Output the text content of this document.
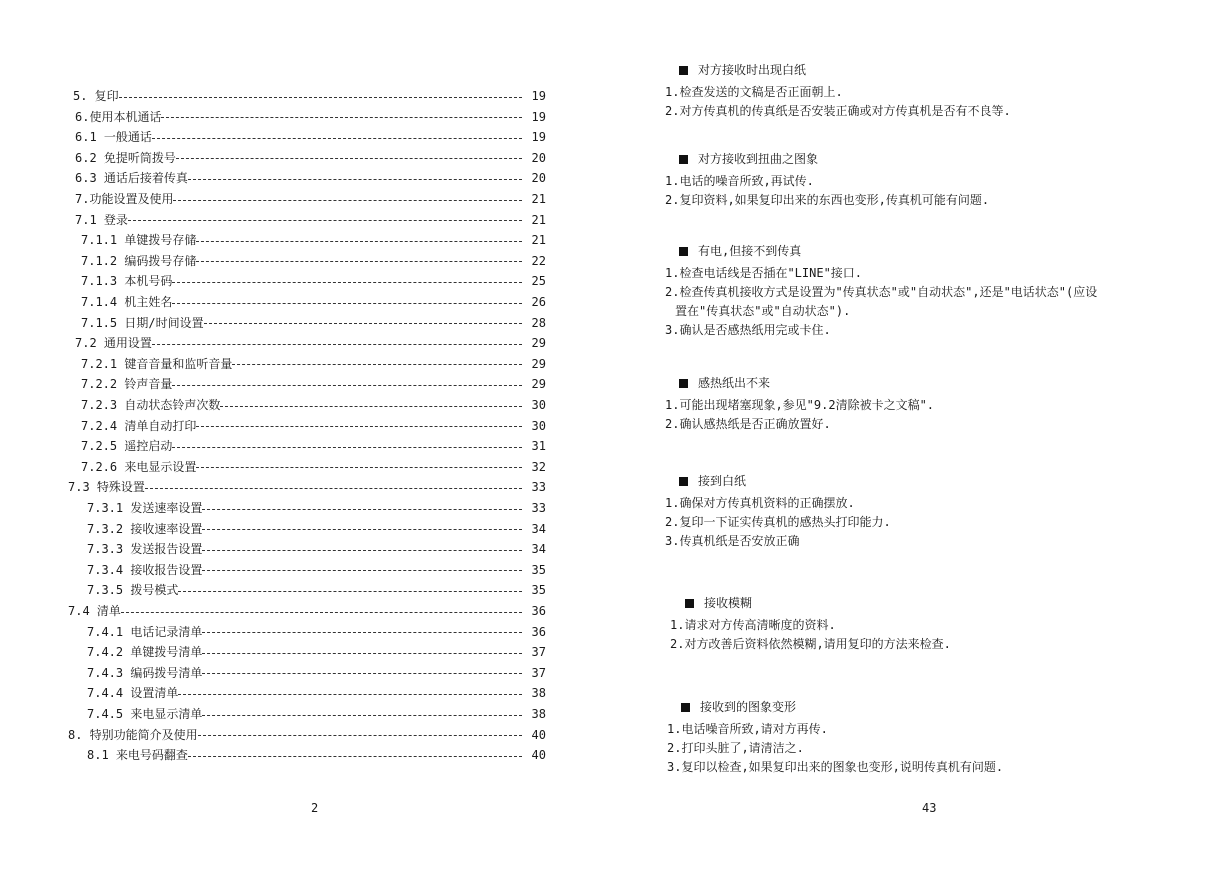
5. 复印	19
6.使用本机通话	19
6.1 一般通话	19
6.2 免提听筒拨号	20
6.3 通话后接着传真	20
7.功能设置及使用	21
7.1 登录	21
7.1.1 单键拨号存储	21
7.1.2 编码拨号存储	22
7.1.3 本机号码	25
7.1.4 机主姓名	26
7.1.5 日期/时间设置	28
7.2 通用设置	29
7.2.1 键音音量和监听音量	29
7.2.2 铃声音量	29
7.2.3 自动状态铃声次数	30
7.2.4 清单自动打印	30
7.2.5 遥控启动	31
7.2.6 来电显示设置	32
7.3 特殊设置	33
7.3.1 发送速率设置	33
7.3.2 接收速率设置	34
7.3.3 发送报告设置	34
7.3.4 接收报告设置	35
7.3.5 拨号模式	35
7.4 清单	36
7.4.1 电话记录清单	36
7.4.2 单键拨号清单	37
7.4.3 编码拨号清单	37
7.4.4 设置清单	38
7.4.5 来电显示清单	38
8. 特别功能简介及使用	40
8.1 来电号码翻查	40
2
对方接收时出现白纸
1.检查发送的文稿是否正面朝上.
2.对方传真机的传真纸是否安装正确或对方传真机是否有不良等.
对方接收到扭曲之图象
1.电话的噪音所致,再试传.
2.复印资料,如果复印出来的东西也变形,传真机可能有问题.
有电,但接不到传真
1.检查电话线是否插在"LINE"接口.
2.检查传真机接收方式是设置为"传真状态"或"自动状态",还是"电话状态"(应设
置在"传真状态"或"自动状态").
3.确认是否感热纸用完或卡住.
感热纸出不来
1.可能出现堵塞现象,参见"9.2清除被卡之文稿".
2.确认感热纸是否正确放置好.
接到白纸
1.确保对方传真机资料的正确摆放.
2.复印一下证实传真机的感热头打印能力.
3.传真机纸是否安放正确
接收模糊
1.请求对方传高清晰度的资料.
2.对方改善后资料依然模糊,请用复印的方法来检查.
接收到的图象变形
1.电话噪音所致,请对方再传.
2.打印头脏了,请清洁之.
3.复印以检查,如果复印出来的图象也变形,说明传真机有问题.
43
